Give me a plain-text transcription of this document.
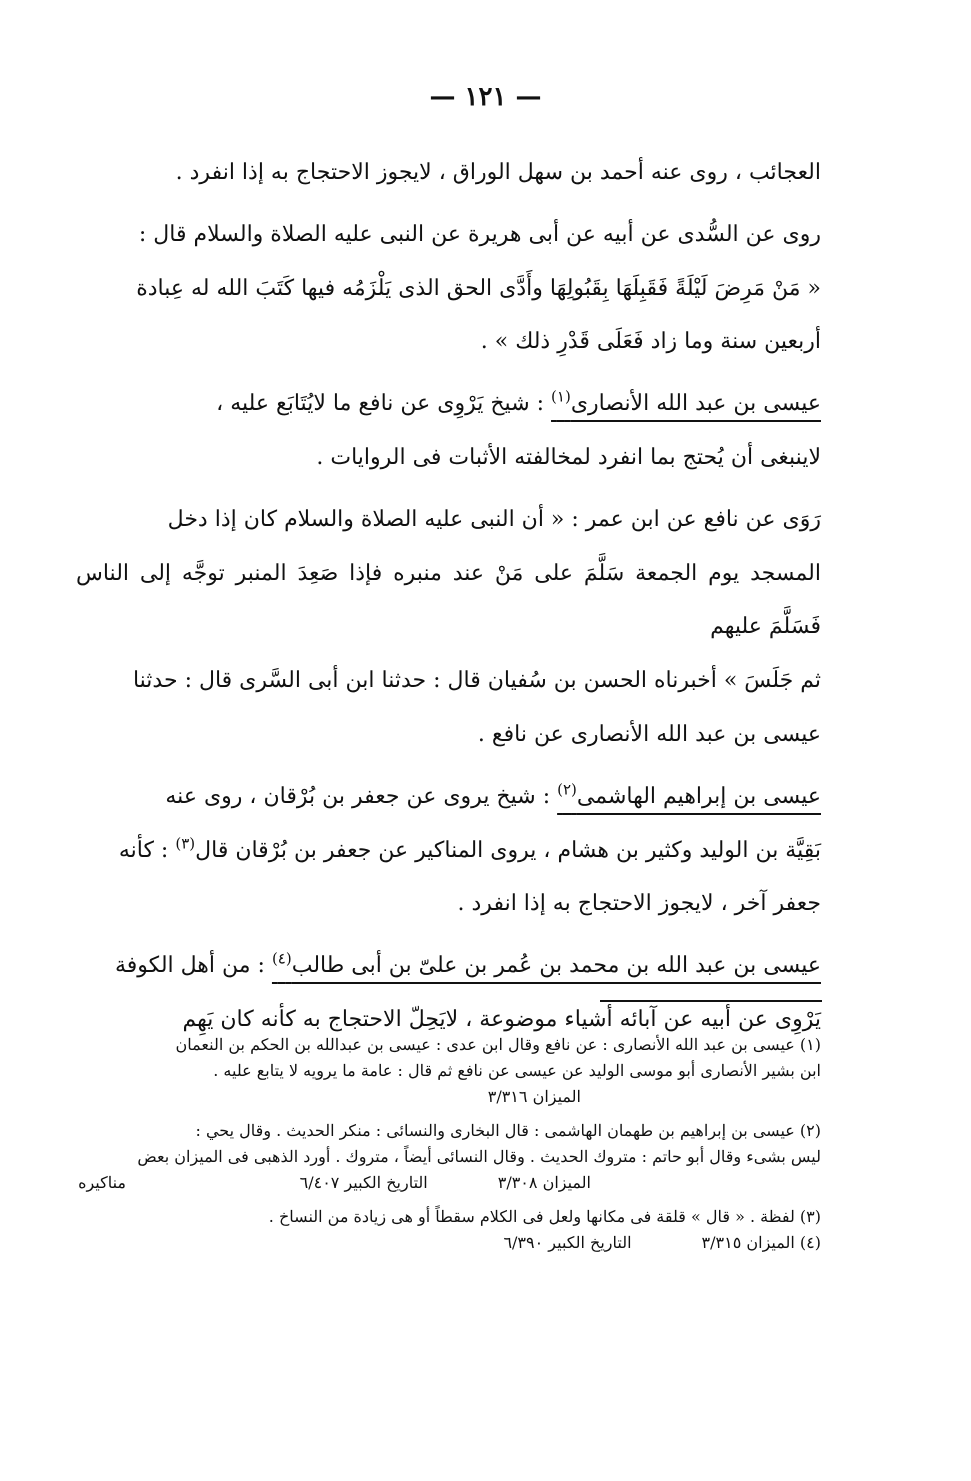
— ١٢١ —

العجائب ، روى عنه أحمد بن سهل الوراق ، لايجوز الاحتجاج به إذا انفرد .

روى عن السُّدى عن أبيه عن أبى هريرة عن النبى عليه الصلاة والسلام قال :

« مَنْ مَرِضَ لَيْلَةً فَقَبِلَهَا بِقَبُولِهَا وأَدَّى الحق الذى يَلْزَمُه فيها كَتَبَ الله له عِبادة

أربعين سنة وما زاد فَعَلَى قَدْرِ ذلك » .

عيسى بن عبد الله الأنصارى$^{(١)}$ : شيخ يَرْوِى عن نافع ما لايُتَابَع عليه ،

لاينبغى أن يُحتج بما انفرد لمخالفته الأثبات فى الروايات .

رَوَى عن نافع عن ابن عمر : « أن النبى عليه الصلاة والسلام كان إذا دخل

المسجد يوم الجمعة سَلَّمَ على مَنْ عند منبره فإذا صَعِدَ المنبر توجَّه إلى الناس فَسَلَّمَ عليهم

ثم جَلَسَ » أخبرناه الحسن بن سُفيان قال : حدثنا ابن أبى السَّرى قال : حدثنا

عيسى بن عبد الله الأنصارى عن نافع .

عيسى بن إبراهيم الهاشمى$^{(٢)}$ : شيخ يروى عن جعفر بن بُرْقان ، روى عنه

بَقِيَّة بن الوليد وكثير بن هشام ، يروى المناكير عن جعفر بن بُرْقان قال$^{(٣)}$ : كأنه

جعفر آخر ، لايجوز الاحتجاج به إذا انفرد .

عيسى بن عبد الله بن محمد بن عُمر بن علىّ بن أبى طالب$^{(٤)}$ : من أهل الكوفة

يَرْوِى عن أبيه عن آبائه أشياء موضوعة ، لايَحِلّ الاحتجاج به كأنه كان يَهِم

(١) عيسى بن عبد الله الأنصارى : عن نافع وقال ابن عدى : عيسى بن عبدالله بن الحكم بن النعمان

ابن بشير الأنصارى أبو موسى الوليد عن عيسى عن نافع ثم قال : عامة ما يرويه لا يتابع عليه .

الميزان ٣/٣١٦

(٢) عيسى بن إبراهيم بن طهمان الهاشمى : قال البخارى والنسائى : منكر الحديث . وقال يحي :

ليس بشىء وقال أبو حاتم : متروك الحديث . وقال النسائى أيضاً ، متروك . أورد الذهبى فى الميزان بعض

مناكيره	الميزان ٣/٣٠٨
التاريخ الكبير ٦/٤٠٧

(٣) لفظة . « قال » قلقة فى مكانها ولعل فى الكلام سقطاً أو هى زيادة من النساخ .

(٤) الميزان ٣/٣١٥
التاريخ الكبير ٦/٣٩٠
